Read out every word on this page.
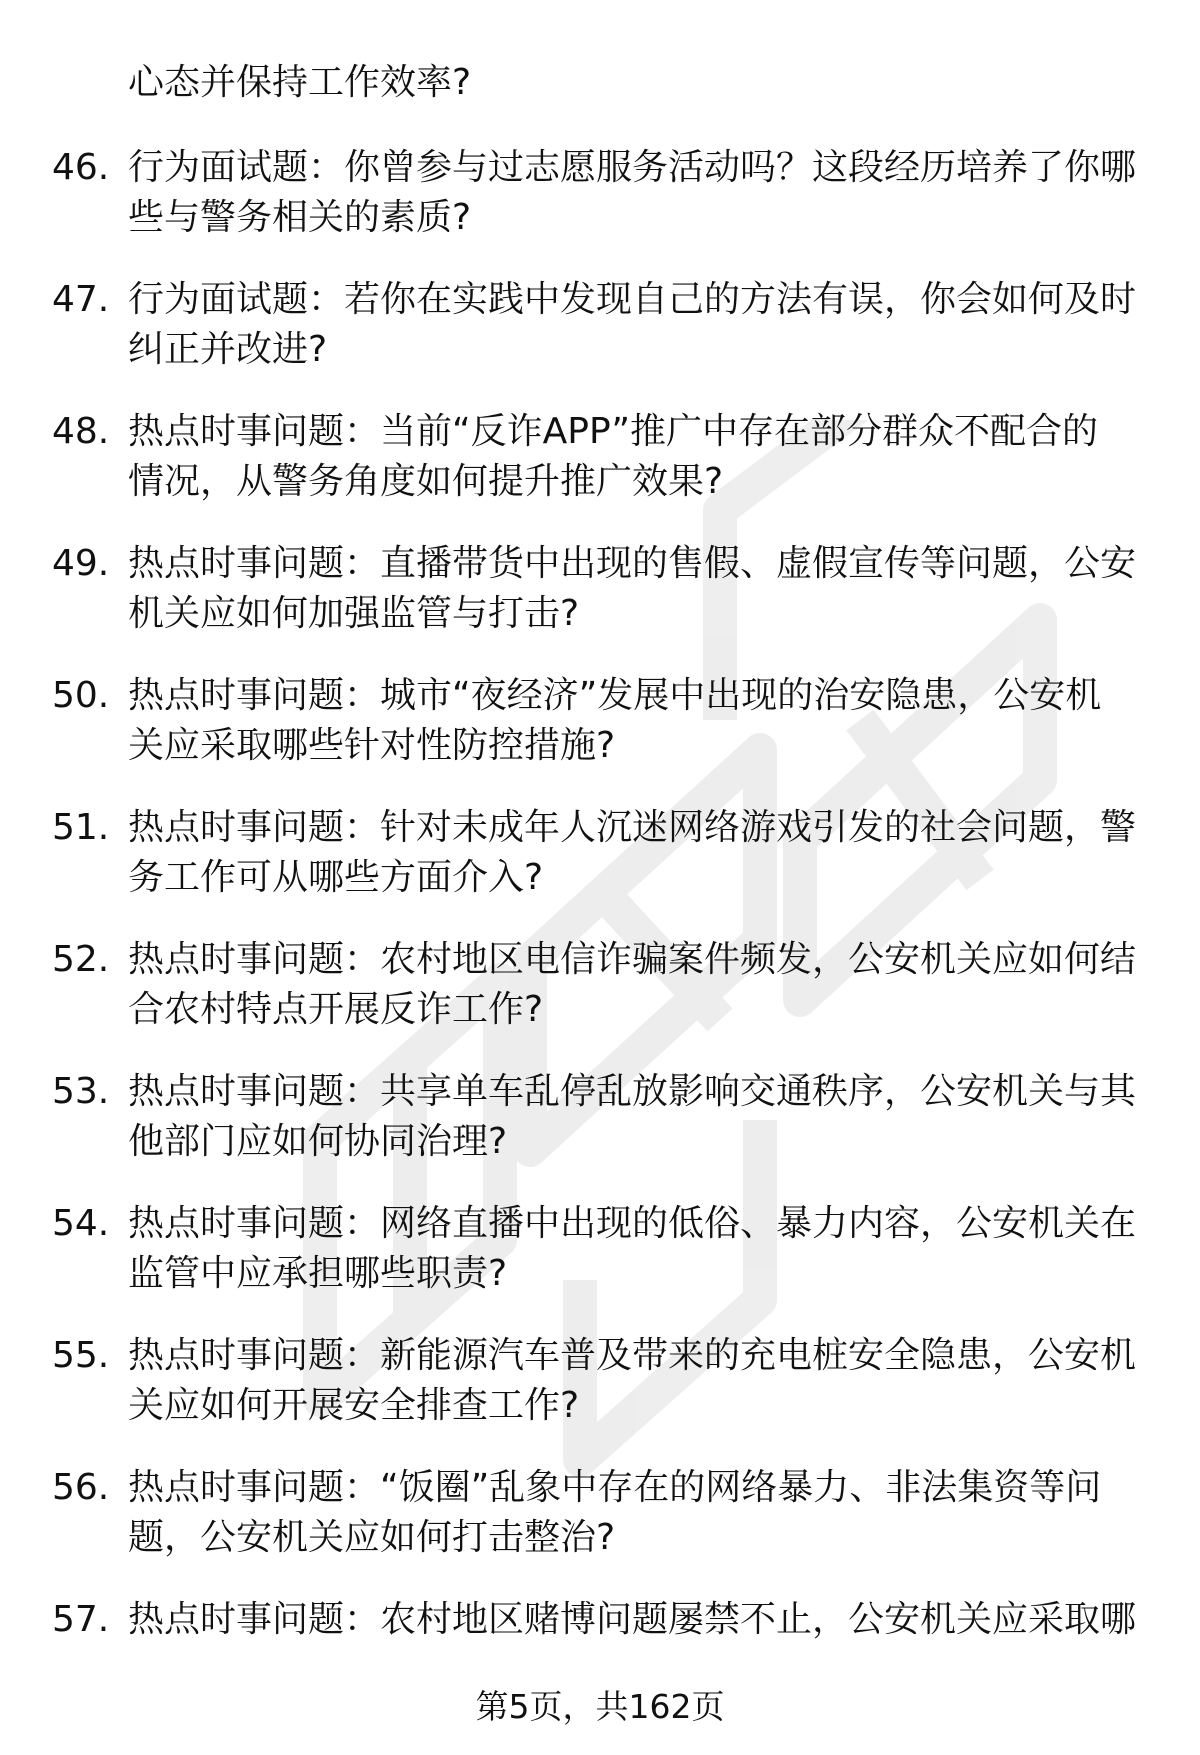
心态并保持工作效率?
46. 行为面试题：你曾参与过志愿服务活动吗？这段经历培养了你哪
些与警务相关的素质?
47. 行为面试题：若你在实践中发现自己的方法有误，你会如何及时
纠正并改进?
48. 热点时事问题：当前“反诈APP”推广中存在部分群众不配合的
情况，从警务角度如何提升推广效果?
49. 热点时事问题：直播带货中出现的售假、虚假宣传等问题，公安
机关应如何加强监管与打击?
50. 热点时事问题：城市“夜经济”发展中出现的治安隐患，公安机
关应采取哪些针对性防控措施?
51. 热点时事问题：针对未成年人沉迷网络游戏引发的社会问题，警
务工作可从哪些方面介入?
52. 热点时事问题：农村地区电信诈骗案件频发，公安机关应如何结
合农村特点开展反诈工作?
53. 热点时事问题：共享单车乱停乱放影响交通秩序，公安机关与其
他部门应如何协同治理?
54. 热点时事问题：网络直播中出现的低俗、暴力内容，公安机关在
监管中应承担哪些职责?
55. 热点时事问题：新能源汽车普及带来的充电桩安全隐患，公安机
关应如何开展安全排查工作?
56. 热点时事问题：“饭圈”乱象中存在的网络暴力、非法集资等问
题，公安机关应如何打击整治?
57. 热点时事问题：农村地区赌博问题屡禁不止，公安机关应采取哪
第5页，共162页
